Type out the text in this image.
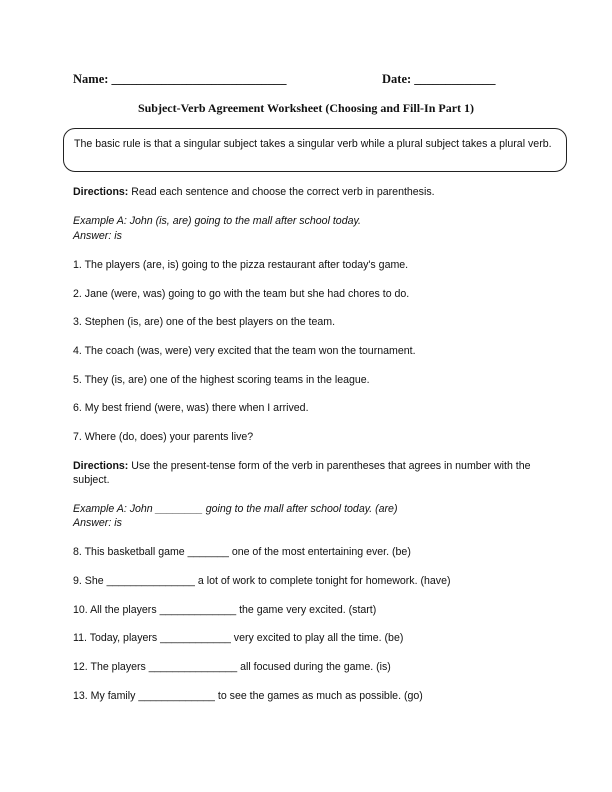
Name: ____________________________	Date: _____________
Subject-Verb Agreement Worksheet (Choosing and Fill-In Part 1)
The basic rule is that a singular subject takes a singular verb while a plural subject takes a plural verb.
Directions: Read each sentence and choose the correct verb in parenthesis.
Example A: John (is, are) going to the mall after school today.
Answer: is
1. The players (are, is) going to the pizza restaurant after today's game.
2. Jane (were, was) going to go with the team but she had chores to do.
3. Stephen (is, are) one of the best players on the team.
4. The coach (was, were) very excited that the team won the tournament.
5. They (is, are) one of the highest scoring teams in the league.
6. My best friend (were, was) there when I arrived.
7. Where (do, does) your parents live?
Directions: Use the present-tense form of the verb in parentheses that agrees in number with the subject.
Example A: John ________ going to the mall after school today. (are)
Answer: is
8. This basketball game _______ one of the most entertaining ever. (be)
9. She _______________ a lot of work to complete tonight for homework. (have)
10. All the players _____________ the game very excited. (start)
11. Today, players ____________ very excited to play all the time. (be)
12. The players _______________ all focused during the game. (is)
13. My family _____________ to see the games as much as possible. (go)
